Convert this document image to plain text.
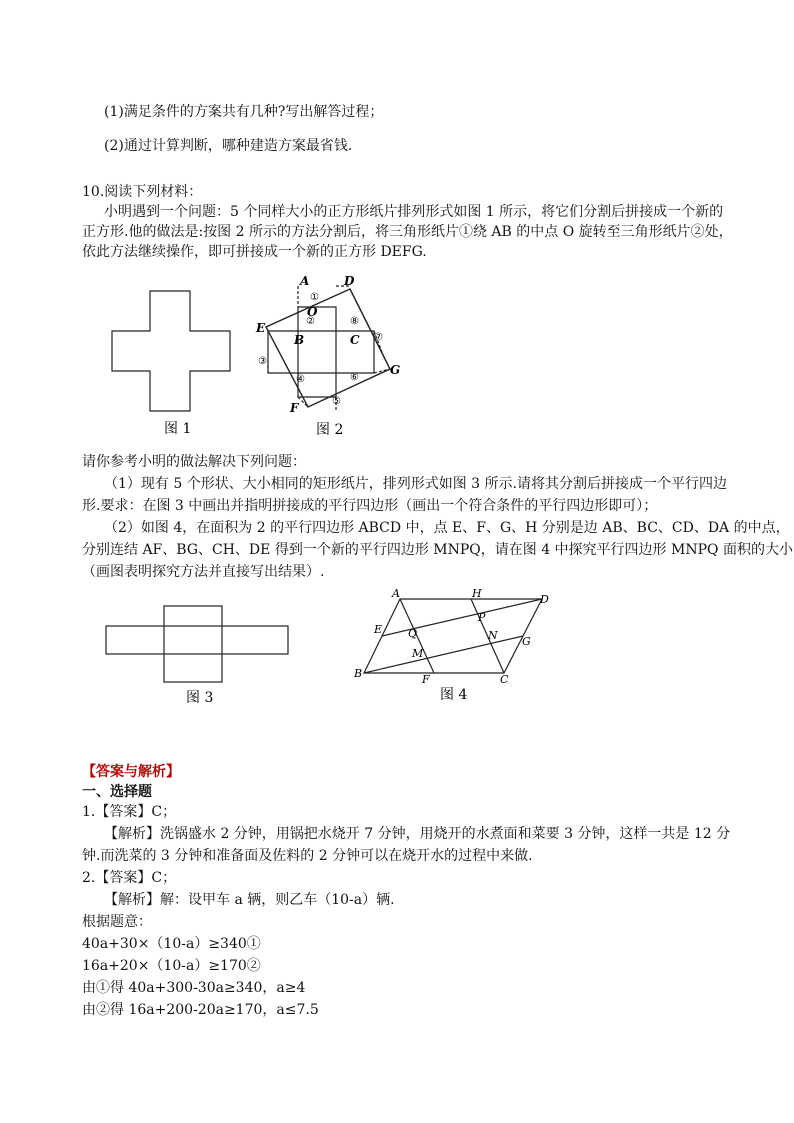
(1)满足条件的方案共有几种?写出解答过程；
(2)通过计算判断，哪种建造方案最省钱．
10.阅读下列材料：
小明遇到一个问题：5 个同样大小的正方形纸片排列形式如图 1 所示，将它们分割后拼接成一个新的
正方形.他的做法是:按图 2 所示的方法分割后，将三角形纸片①绕 AB 的中点 O 旋转至三角形纸片②处，
依此方法继续操作，即可拼接成一个新的正方形 DEFG.
图 1
A	D
O
E
B	C
G
F
①
②
③
④
⑤
⑥
⑦
⑧
图 2
请你参考小明的做法解决下列问题：
（1）现有 5 个形状、大小相同的矩形纸片，排列形式如图 3 所示.请将其分割后拼接成一个平行四边
形.要求：在图 3 中画出并指明拼接成的平行四边形（画出一个符合条件的平行四边形即可）；
（2）如图 4，在面积为 2 的平行四边形 ABCD 中，点 E、F、G、H 分别是边 AB、BC、CD、DA 的中点，
分别连结 AF、BG、CH、DE 得到一个新的平行四边形 MNPQ，请在图 4 中探究平行四边形 MNPQ 面积的大小
（画图表明探究方法并直接写出结果）.
图 3
A	H	D
E Q
P
N G
M
B	F	C
图 4
【答案与解析】
一、选择题
1.【答案】C；
【解析】洗锅盛水 2 分钟，用锅把水烧开 7 分钟，用烧开的水煮面和菜要 3 分钟，这样一共是 12 分
钟.而洗菜的 3 分钟和准备面及佐料的 2 分钟可以在烧开水的过程中来做.
2.【答案】C；
【解析】解：设甲车 a 辆，则乙车（10-a）辆.
根据题意：
40a+30×（10-a）≥340①
16a+20×（10-a）≥170②
由①得 40a+300-30a≥340，a≥4
由②得 16a+200-20a≥170，a≤7.5
